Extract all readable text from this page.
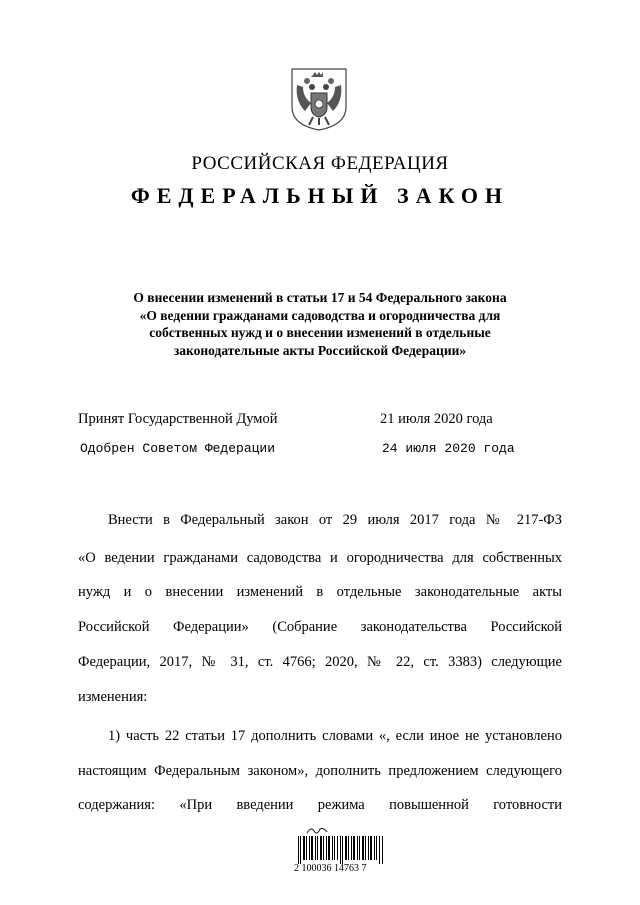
РОССИЙСКАЯ ФЕДЕРАЦИЯ
ФЕДЕРАЛЬНЫЙ ЗАКОН
О внесении изменений в статьи 17 и 54 Федерального закона
«О ведении гражданами садоводства и огородничества для
собственных нужд и о внесении изменений в отдельные
законодательные акты Российской Федерации»
Принят Государственной Думой	21 июля 2020 года
Одобрен Советом Федерации	24 июля 2020 года
Внести в Федеральный закон от 29 июля 2017 года № 217-ФЗ
«О ведении гражданами садоводства и огородничества для собственных
нужд и о внесении изменений в отдельные законодательные акты
Российской Федерации» (Собрание законодательства Российской
Федерации, 2017, № 31, ст. 4766; 2020, № 22, ст. 3383) следующие
изменения:
1) часть 22 статьи 17 дополнить словами «, если иное не установлено
настоящим Федеральным законом», дополнить предложением следующего
содержания: «При введении режима повышенной готовности
2 100036 14763 7
